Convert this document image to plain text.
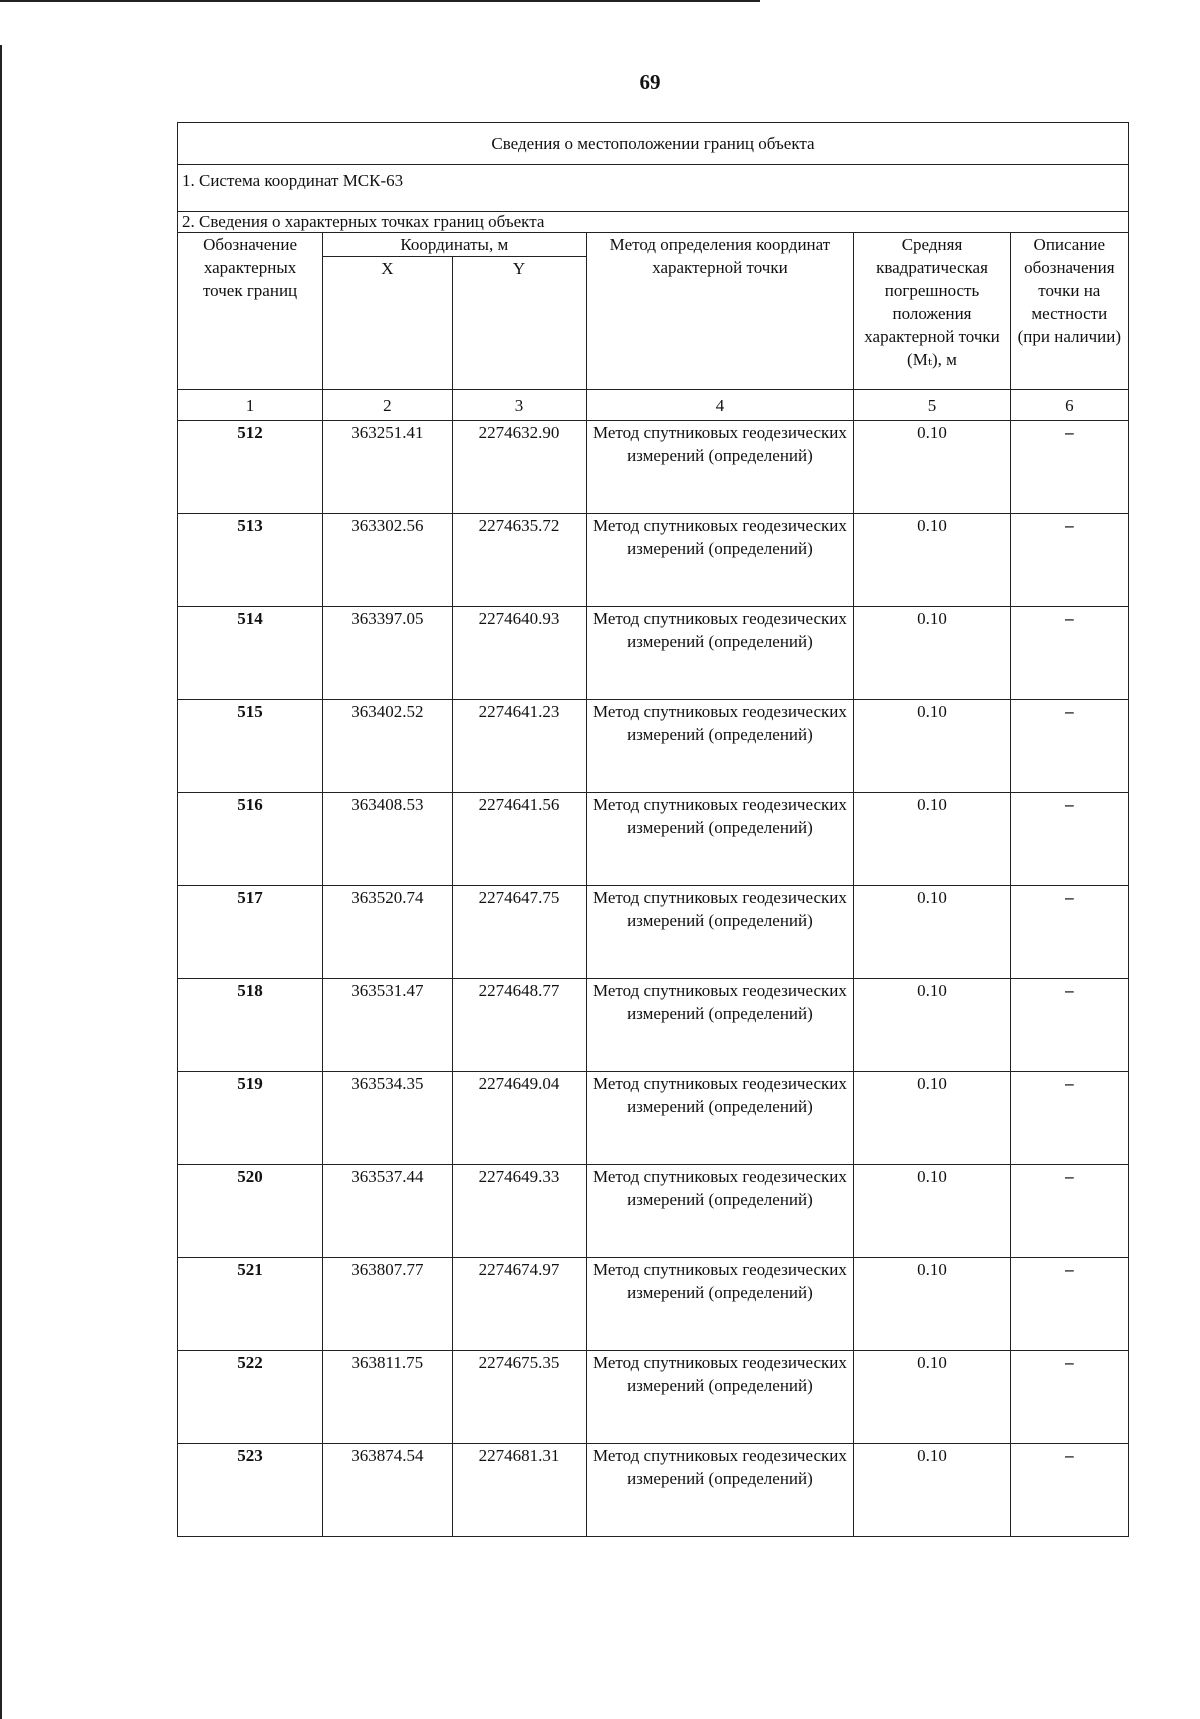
69
Сведения о местоположении границ объекта					
1. Система координат МСК-63					
2. Сведения о характерных точках границ объекта					
Обозначение характерных точек границ	Координаты, м		Метод определения координат характерной точки	Средняя квадратическая погрешность положения характерной точки (Mₜ), м	Описание обозначения точки на местности (при наличии)
	X	Y			
1	2	3	4	5	6
512	363251.41	2274632.90	Метод спутниковых геодезических измерений (определений)	0.10	–
513	363302.56	2274635.72	Метод спутниковых геодезических измерений (определений)	0.10	–
514	363397.05	2274640.93	Метод спутниковых геодезических измерений (определений)	0.10	–
515	363402.52	2274641.23	Метод спутниковых геодезических измерений (определений)	0.10	–
516	363408.53	2274641.56	Метод спутниковых геодезических измерений (определений)	0.10	–
517	363520.74	2274647.75	Метод спутниковых геодезических измерений (определений)	0.10	–
518	363531.47	2274648.77	Метод спутниковых геодезических измерений (определений)	0.10	–
519	363534.35	2274649.04	Метод спутниковых геодезических измерений (определений)	0.10	–
520	363537.44	2274649.33	Метод спутниковых геодезических измерений (определений)	0.10	–
521	363807.77	2274674.97	Метод спутниковых геодезических измерений (определений)	0.10	–
522	363811.75	2274675.35	Метод спутниковых геодезических измерений (определений)	0.10	–
523	363874.54	2274681.31	Метод спутниковых геодезических измерений (определений)	0.10	–
